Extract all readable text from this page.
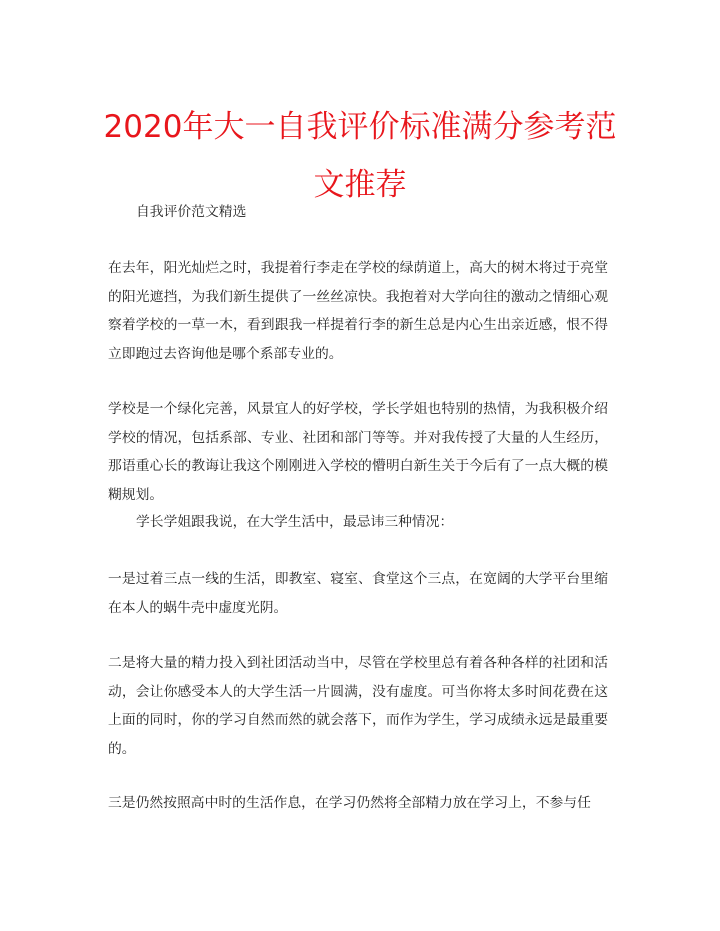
2020年大一自我评价标准满分参考范文推荐

自我评价范文精选

在去年，阳光灿烂之时，我提着行李走在学校的绿荫道上，高大的树木将过于亮堂的阳光遮挡，为我们新生提供了一丝丝凉快。我抱着对大学向往的激动之情细心观察着学校的一草一木，看到跟我一样提着行李的新生总是内心生出亲近感，恨不得立即跑过去咨询他是哪个系部专业的。

学校是一个绿化完善，风景宜人的好学校，学长学姐也特别的热情，为我积极介绍学校的情况，包括系部、专业、社团和部门等等。并对我传授了大量的人生经历，那语重心长的教诲让我这个刚刚进入学校的懵明白新生关于今后有了一点大概的模糊规划。

学长学姐跟我说，在大学生活中，最忌讳三种情况：

一是过着三点一线的生活，即教室、寝室、食堂这个三点，在宽阔的大学平台里缩在本人的蜗牛壳中虚度光阴。

二是将大量的精力投入到社团活动当中，尽管在学校里总有着各种各样的社团和活动，会让你感受本人的大学生活一片圆满，没有虚度。可当你将太多时间花费在这上面的同时，你的学习自然而然的就会落下，而作为学生，学习成绩永远是最重要的。

三是仍然按照高中时的生活作息，在学习仍然将全部精力放在学习上，不参与任
